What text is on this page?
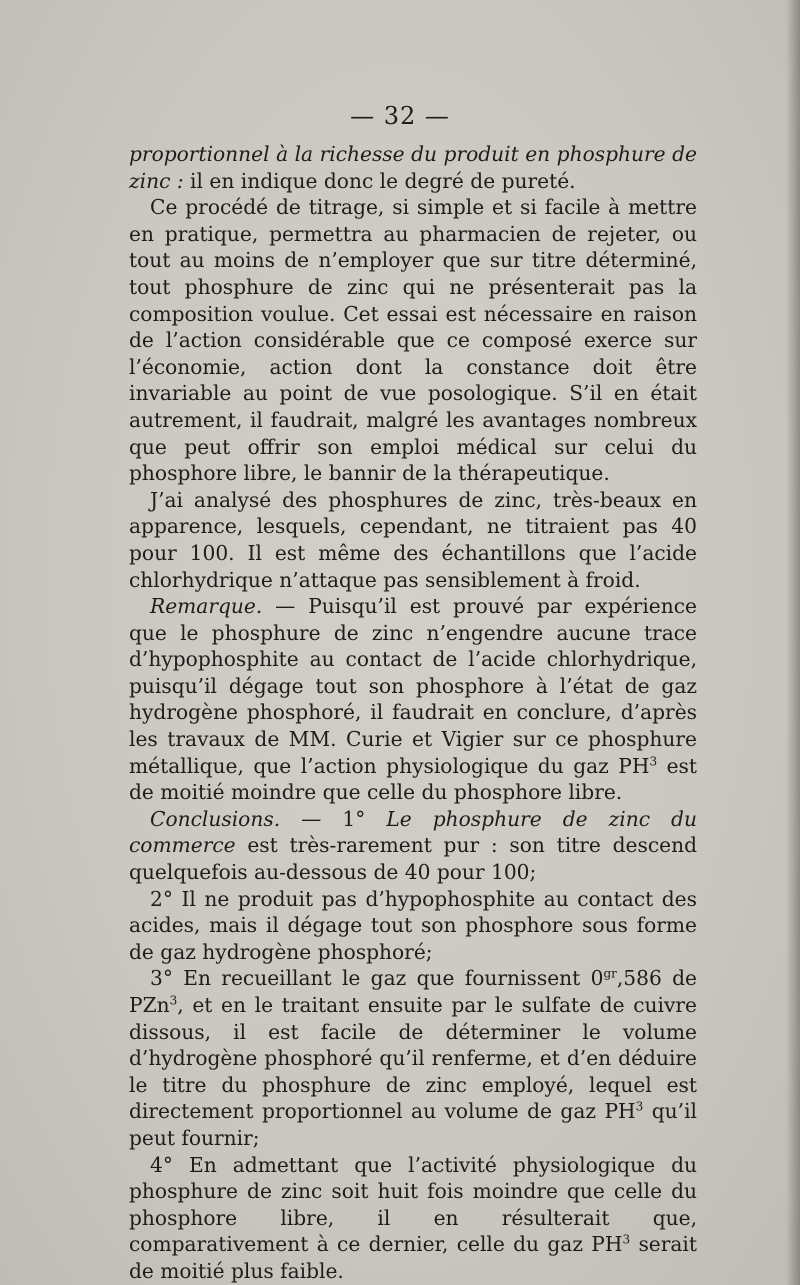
— 32 —

proportionnel à la richesse du produit en phosphure de zinc : il en indique donc le degré de pureté.

Ce procédé de titrage, si simple et si facile à mettre en pratique, permettra au pharmacien de rejeter, ou tout au moins de n’employer que sur titre déterminé, tout phosphure de zinc qui ne présenterait pas la composition voulue. Cet essai est nécessaire en raison de l’action considérable que ce composé exerce sur l’économie, action dont la constance doit être invariable au point de vue posologique. S’il en était autrement, il faudrait, malgré les avantages nombreux que peut offrir son emploi médical sur celui du phosphore libre, le bannir de la thérapeutique.

J’ai analysé des phosphures de zinc, très-beaux en apparence, lesquels, cependant, ne titraient pas 40 pour 100. Il est même des échantillons que l’acide chlorhydrique n’attaque pas sensiblement à froid.

Remarque. — Puisqu’il est prouvé par expérience que le phosphure de zinc n’engendre aucune trace d’hypophosphite au contact de l’acide chlorhydrique, puisqu’il dégage tout son phosphore à l’état de gaz hydrogène phosphoré, il faudrait en conclure, d’après les travaux de MM. Curie et Vigier sur ce phosphure métallique, que l’action physiologique du gaz $PH^3$ est de moitié moindre que celle du phosphore libre.

Conclusions. — 1° Le phosphure de zinc du commerce est très-rarement pur : son titre descend quelquefois au-dessous de 40 pour 100;

2° Il ne produit pas d’hypophosphite au contact des acides, mais il dégage tout son phosphore sous forme de gaz hydrogène phosphoré;

3° En recueillant le gaz que fournissent $0^{gr},586$ de PZn$^3$, et en le traitant ensuite par le sulfate de cuivre dissous, il est facile de déterminer le volume d’hydrogène phosphoré qu’il renferme, et d’en déduire le titre du phosphure de zinc employé, lequel est directement proportionnel au volume de gaz $PH^3$ qu’il peut fournir;

4° En admettant que l’activité physiologique du phosphure de zinc soit huit fois moindre que celle du phosphore libre, il en résulterait que, comparativement à ce dernier, celle du gaz $PH^3$ serait de moitié plus faible.
